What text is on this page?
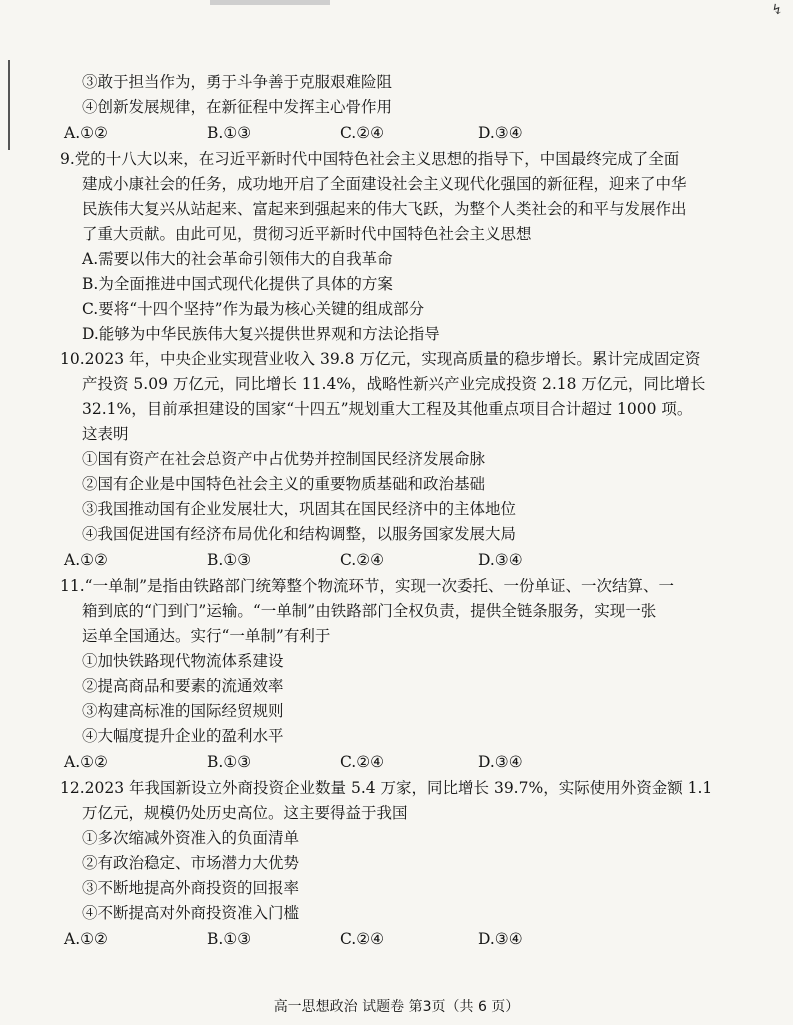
↯
③敢于担当作为，勇于斗争善于克服艰难险阻
④创新发展规律，在新征程中发挥主心骨作用
A.①②	B.①③	C.②④	D.③④
9.党的十八大以来，在习近平新时代中国特色社会主义思想的指导下，中国最终完成了全面
建成小康社会的任务，成功地开启了全面建设社会主义现代化强国的新征程，迎来了中华
民族伟大复兴从站起来、富起来到强起来的伟大飞跃，为整个人类社会的和平与发展作出
了重大贡献。由此可见，贯彻习近平新时代中国特色社会主义思想
A.需要以伟大的社会革命引领伟大的自我革命
B.为全面推进中国式现代化提供了具体的方案
C.要将“十四个坚持”作为最为核心关键的组成部分
D.能够为中华民族伟大复兴提供世界观和方法论指导
10.2023 年，中央企业实现营业收入 39.8 万亿元，实现高质量的稳步增长。累计完成固定资
产投资 5.09 万亿元，同比增长 11.4%，战略性新兴产业完成投资 2.18 万亿元，同比增长
32.1%，目前承担建设的国家“十四五”规划重大工程及其他重点项目合计超过 1000 项。
这表明
①国有资产在社会总资产中占优势并控制国民经济发展命脉
②国有企业是中国特色社会主义的重要物质基础和政治基础
③我国推动国有企业发展壮大，巩固其在国民经济中的主体地位
④我国促进国有经济布局优化和结构调整，以服务国家发展大局
A.①②	B.①③	C.②④	D.③④
11.“一单制”是指由铁路部门统筹整个物流环节，实现一次委托、一份单证、一次结算、一
箱到底的“门到门”运输。“一单制”由铁路部门全权负责，提供全链条服务，实现一张
运单全国通达。实行“一单制”有利于
①加快铁路现代物流体系建设
②提高商品和要素的流通效率
③构建高标准的国际经贸规则
④大幅度提升企业的盈利水平
A.①②	B.①③	C.②④	D.③④
12.2023 年我国新设立外商投资企业数量 5.4 万家，同比增长 39.7%，实际使用外资金额 1.1
万亿元，规模仍处历史高位。这主要得益于我国
①多次缩减外资准入的负面清单
②有政治稳定、市场潜力大优势
③不断地提高外商投资的回报率
④不断提高对外商投资准入门槛
A.①②	B.①③	C.②④	D.③④
高一思想政治 试题卷 第3页（共 6 页）
